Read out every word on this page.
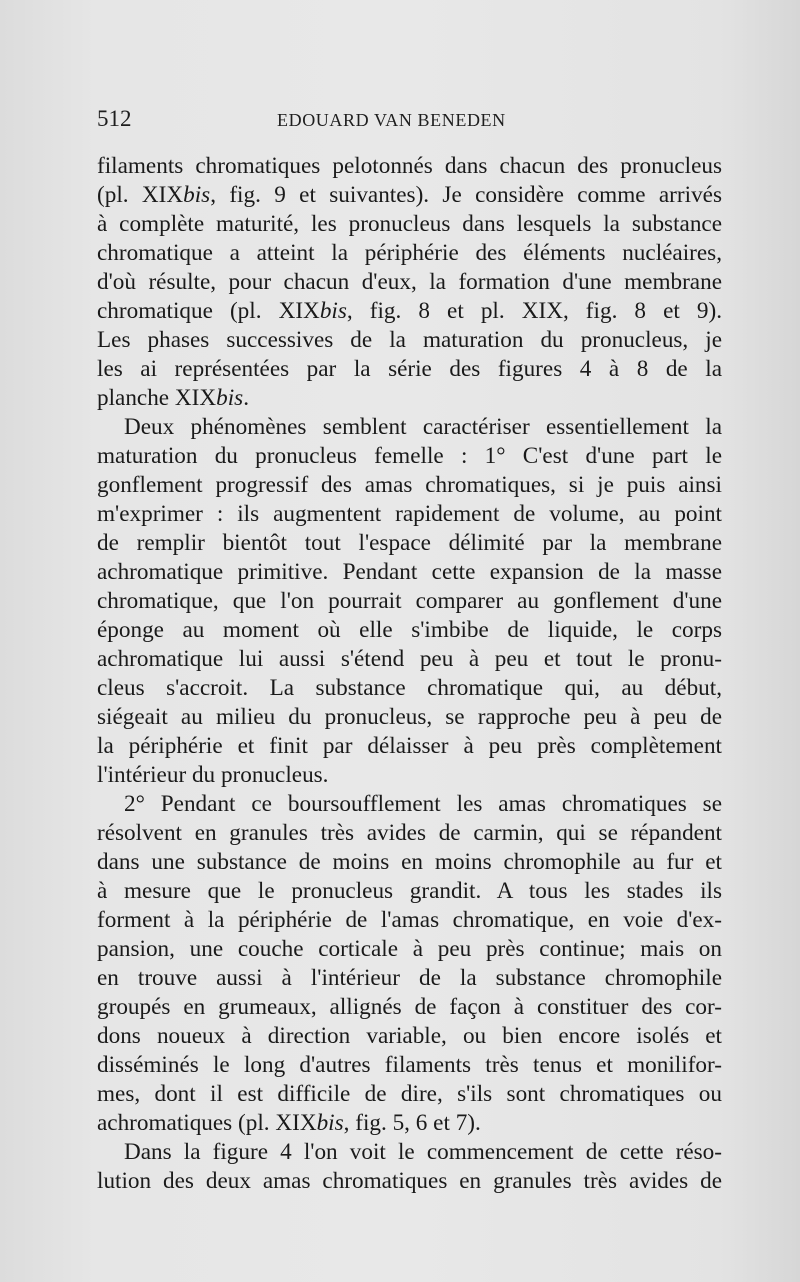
512	EDOUARD VAN BENEDEN
filaments chromatiques pelotonnés dans chacun des pronucleus
(pl. XIXbis, fig. 9 et suivantes). Je considère comme arrivés
à complète maturité, les pronucleus dans lesquels la substance
chromatique a atteint la périphérie des éléments nucléaires,
d'où résulte, pour chacun d'eux, la formation d'une membrane
chromatique (pl. XIXbis, fig. 8 et pl. XIX, fig. 8 et 9).
Les phases successives de la maturation du pronucleus, je
les ai représentées par la série des figures 4 à 8 de la
planche XIXbis.
Deux phénomènes semblent caractériser essentiellement la
maturation du pronucleus femelle : 1° C'est d'une part le
gonflement progressif des amas chromatiques, si je puis ainsi
m'exprimer : ils augmentent rapidement de volume, au point
de remplir bientôt tout l'espace délimité par la membrane
achromatique primitive. Pendant cette expansion de la masse
chromatique, que l'on pourrait comparer au gonflement d'une
éponge au moment où elle s'imbibe de liquide, le corps
achromatique lui aussi s'étend peu à peu et tout le pronu-
cleus s'accroit. La substance chromatique qui, au début,
siégeait au milieu du pronucleus, se rapproche peu à peu de
la périphérie et finit par délaisser à peu près complètement
l'intérieur du pronucleus.
2° Pendant ce boursoufflement les amas chromatiques se
résolvent en granules très avides de carmin, qui se répandent
dans une substance de moins en moins chromophile au fur et
à mesure que le pronucleus grandit. A tous les stades ils
forment à la périphérie de l'amas chromatique, en voie d'ex-
pansion, une couche corticale à peu près continue; mais on
en trouve aussi à l'intérieur de la substance chromophile
groupés en grumeaux, allignés de façon à constituer des cor-
dons noueux à direction variable, ou bien encore isolés et
disséminés le long d'autres filaments très tenus et monilifor-
mes, dont il est difficile de dire, s'ils sont chromatiques ou
achromatiques (pl. XIXbis, fig. 5, 6 et 7).
Dans la figure 4 l'on voit le commencement de cette réso-
lution des deux amas chromatiques en granules très avides de
